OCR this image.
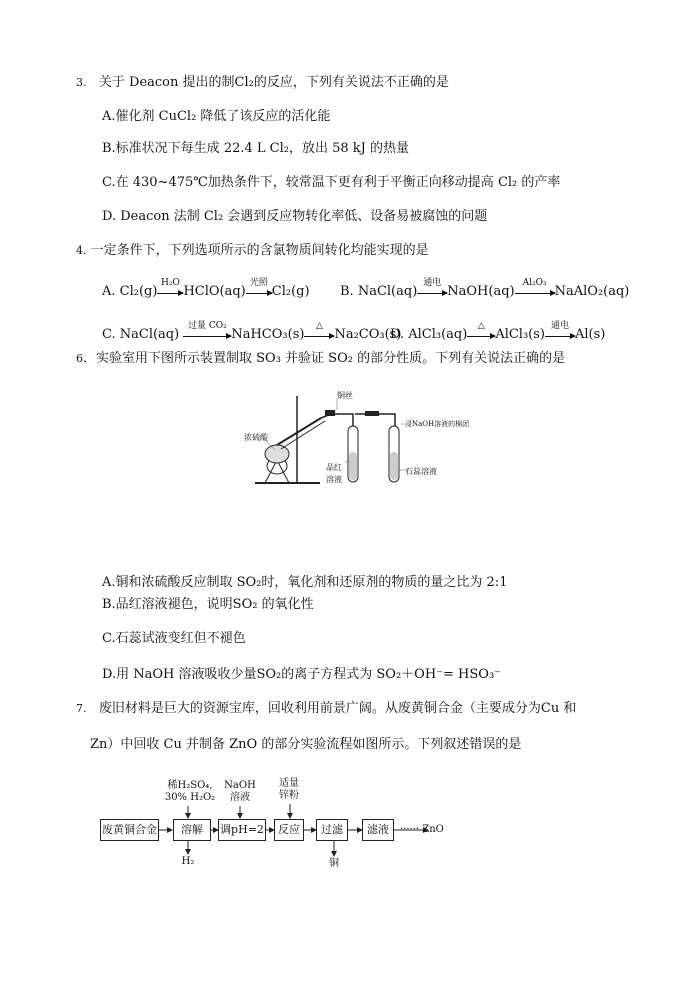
3. 关于 Deacon 提出的制Cl₂的反应，下列有关说法不正确的是
A.催化剂 CuCl₂ 降低了该反应的活化能
B.标准状况下每生成 22.4 L Cl₂，放出 58 kJ 的热量
C.在 430~475℃加热条件下，较常温下更有利于平衡正向移动提高 Cl₂ 的产率
D. Deacon 法制 Cl₂ 会遇到反应物转化率低、设备易被腐蚀的问题
4. 一定条件下，下列选项所示的含氯物质间转化均能实现的是
A. Cl₂(g)
H₂O
HClO(aq)
光照
Cl₂(g) B. NaCl(aq)
通电
NaOH(aq)
Al₂O₃
NaAlO₂(aq)
C. NaCl(aq)
过量 CO₂
NaHCO₃(s)
△
Na₂CO₃(s)
D. AlCl₃(aq)
△
AlCl₃(s)
通电
Al(s)
6．实验室用下图所示装置制取 SO₃ 并验证 SO₂ 的部分性质。下列有关说法正确的是
铜丝
浓硫酸
浸NaOH溶液的棉团
品红溶液
石蕊溶液
A.铜和浓硫酸反应制取 SO₂时，氧化剂和还原剂的物质的量之比为 2:1
B.品红溶液褪色，说明SO₂ 的氧化性
C.石蕊试液变红但不褪色
D.用 NaOH 溶液吸收少量SO₂的离子方程式为 SO₂＋OH⁻= HSO₃⁻
7. 废旧材料是巨大的资源宝库，回收利用前景广阔。从废黄铜合金（主要成分为Cu 和
Zn）中回收 Cu 并制备 ZnO 的部分实验流程如图所示。下列叙述错误的是
废黄铜合金	溶解	调pH=2	反应	过滤	滤液	······ ZnO
稀H₂SO₄,
30% H₂O₂
NaOH
溶液
适量
锌粉
H₂	铜
